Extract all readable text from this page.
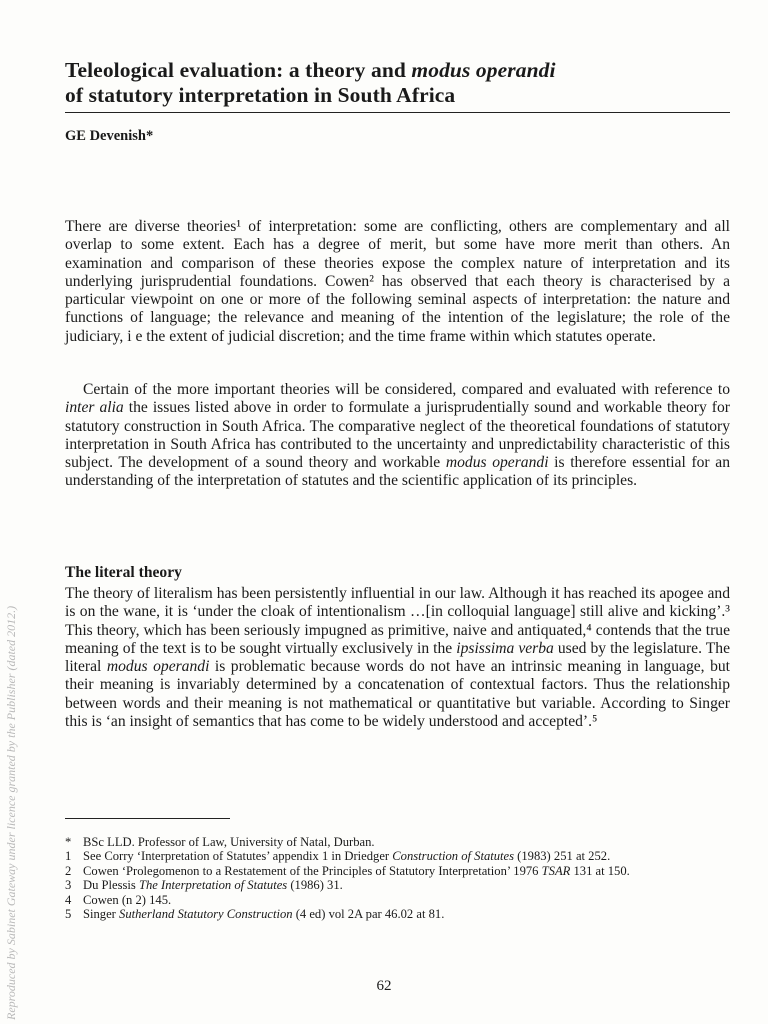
Reproduced by Sabinet Gateway under licence granted by the Publisher (dated 2012.)
Teleological evaluation: a theory and modus operandi
of statutory interpretation in South Africa

GE Devenish*

There are diverse theories¹ of interpretation: some are conflicting, others are complementary and all overlap to some extent. Each has a degree of merit, but some have more merit than others. An examination and comparison of these theories expose the complex nature of interpretation and its underlying jurisprudential foundations. Cowen² has observed that each theory is characterised by a particular viewpoint on one or more of the following seminal aspects of interpretation: the nature and functions of language; the relevance and meaning of the intention of the legislature; the role of the judiciary, i e the extent of judicial discretion; and the time frame within which statutes operate.

Certain of the more important theories will be considered, compared and evaluated with reference to inter alia the issues listed above in order to formulate a jurisprudentially sound and workable theory for statutory construction in South Africa. The comparative neglect of the theoretical foundations of statutory interpretation in South Africa has contributed to the uncertainty and unpredictability characteristic of this subject. The development of a sound theory and workable modus operandi is therefore essential for an understanding of the interpretation of statutes and the scientific application of its principles.

The literal theory

The theory of literalism has been persistently influential in our law. Although it has reached its apogee and is on the wane, it is ‘under the cloak of intentionalism …[in colloquial language] still alive and kicking’.³ This theory, which has been seriously impugned as primitive, naive and antiquated,⁴ contends that the true meaning of the text is to be sought virtually exclusively in the ipsissima verba used by the legislature. The literal modus operandi is problematic because words do not have an intrinsic meaning in language, but their meaning is invariably determined by a concatenation of contextual factors. Thus the relationship between words and their meaning is not mathematical or quantitative but variable. According to Singer this is ‘an insight of semantics that has come to be widely understood and accepted’.⁵

* BSc LLD. Professor of Law, University of Natal, Durban.
1 See Corry ‘Interpretation of Statutes’ appendix 1 in Driedger Construction of Statutes (1983) 251 at 252.
2 Cowen ‘Prolegomenon to a Restatement of the Principles of Statutory Interpretation’ 1976 TSAR 131 at 150.
3 Du Plessis The Interpretation of Statutes (1986) 31.
4 Cowen (n 2) 145.
5 Singer Sutherland Statutory Construction (4 ed) vol 2A par 46.02 at 81.
62
